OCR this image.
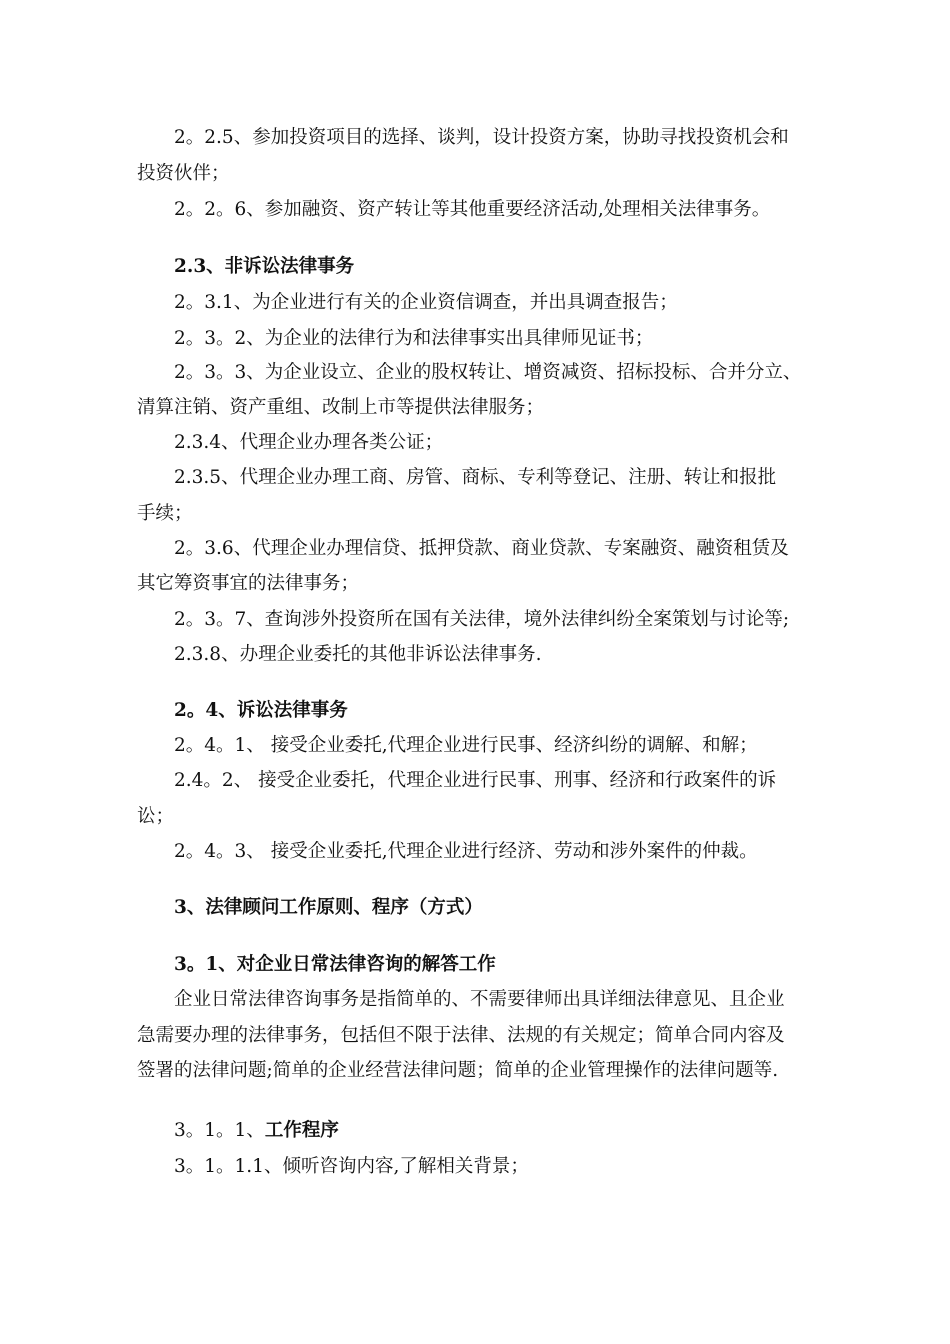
2。2.5、参加投资项目的选择、谈判，设计投资方案，协助寻找投资机会和
投资伙伴；
2。2。6、参加融资、资产转让等其他重要经济活动,处理相关法律事务。
2.3、非诉讼法律事务
2。3.1、为企业进行有关的企业资信调查，并出具调查报告；
2。3。2、为企业的法律行为和法律事实出具律师见证书；
2。3。3、为企业设立、企业的股权转让、增资减资、招标投标、合并分立、
清算注销、资产重组、改制上市等提供法律服务；
2.3.4、代理企业办理各类公证；
2.3.5、代理企业办理工商、房管、商标、专利等登记、注册、转让和报批
手续；
2。3.6、代理企业办理信贷、抵押贷款、商业贷款、专案融资、融资租赁及
其它筹资事宜的法律事务；
2。3。7、查询涉外投资所在国有关法律，境外法律纠纷全案策划与讨论等;
2.3.8、办理企业委托的其他非诉讼法律事务.
2。4、诉讼法律事务
2。4。1、 接受企业委托,代理企业进行民事、经济纠纷的调解、和解；
2.4。2、 接受企业委托，代理企业进行民事、刑事、经济和行政案件的诉
讼；
2。4。3、 接受企业委托,代理企业进行经济、劳动和涉外案件的仲裁。
3、法律顾问工作原则、程序（方式）
3。1、对企业日常法律咨询的解答工作
企业日常法律咨询事务是指简单的、不需要律师出具详细法律意见、且企业
急需要办理的法律事务，包括但不限于法律、法规的有关规定；简单合同内容及
签署的法律问题;简单的企业经营法律问题；简单的企业管理操作的法律问题等.
3。1。1、工作程序
3。1。1.1、倾听咨询内容,了解相关背景；
